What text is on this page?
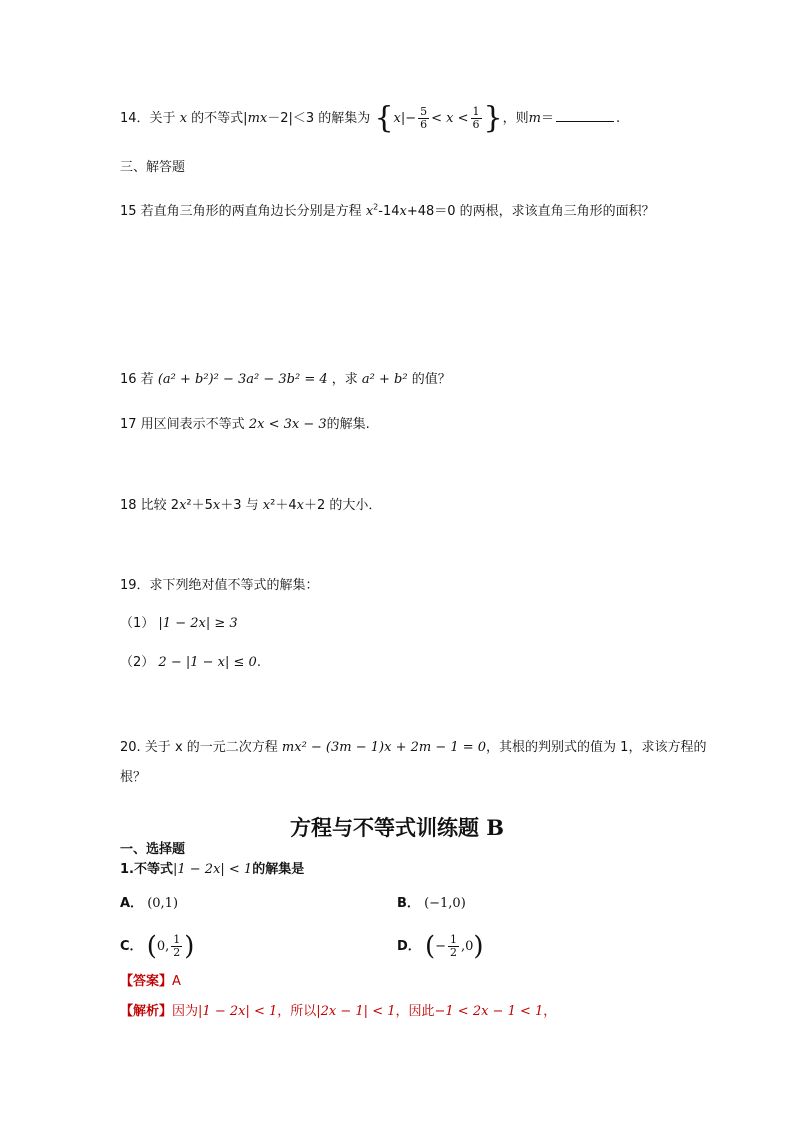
14．关于 x 的不等式|mx－2|＜3 的解集为 {$x|- \frac{5}{6} < x < \frac{1}{6}$ }，则m＝	.
三、解答题
15 若直角三角形的两直角边长分别是方程 $x^2-14x+48=0$ 的两根，求该直角三角形的面积？
16 若 (a² + b²)² − 3a² − 3b² = 4 ，求 a² + b² 的值？
17 用区间表示不等式 2x < 3x − 3的解集.
18 比较 2x²＋5x＋3 与 x²＋4x＋2 的大小．
19．求下列绝对值不等式的解集：
（1） |1 − 2x| ≥ 3
（2） 2 − |1 − x| ≤ 0.
20. 关于 x 的一元二次方程 mx² − (3m − 1)x + 2m − 1 = 0，其根的判别式的值为 1，求该方程的
根？
方程与不等式训练题 B
一、选择题
1.不等式|1 − 2x| < 1的解集是
A． (0,1)	B． (−1,0)
C． (0, $\frac{1}{2}$ )	D． (− $\frac{1}{2} ,0$)
【答案】A
【解析】因为|1 − 2x| < 1，所以|2x − 1| < 1，因此−1 < 2x − 1 < 1，
